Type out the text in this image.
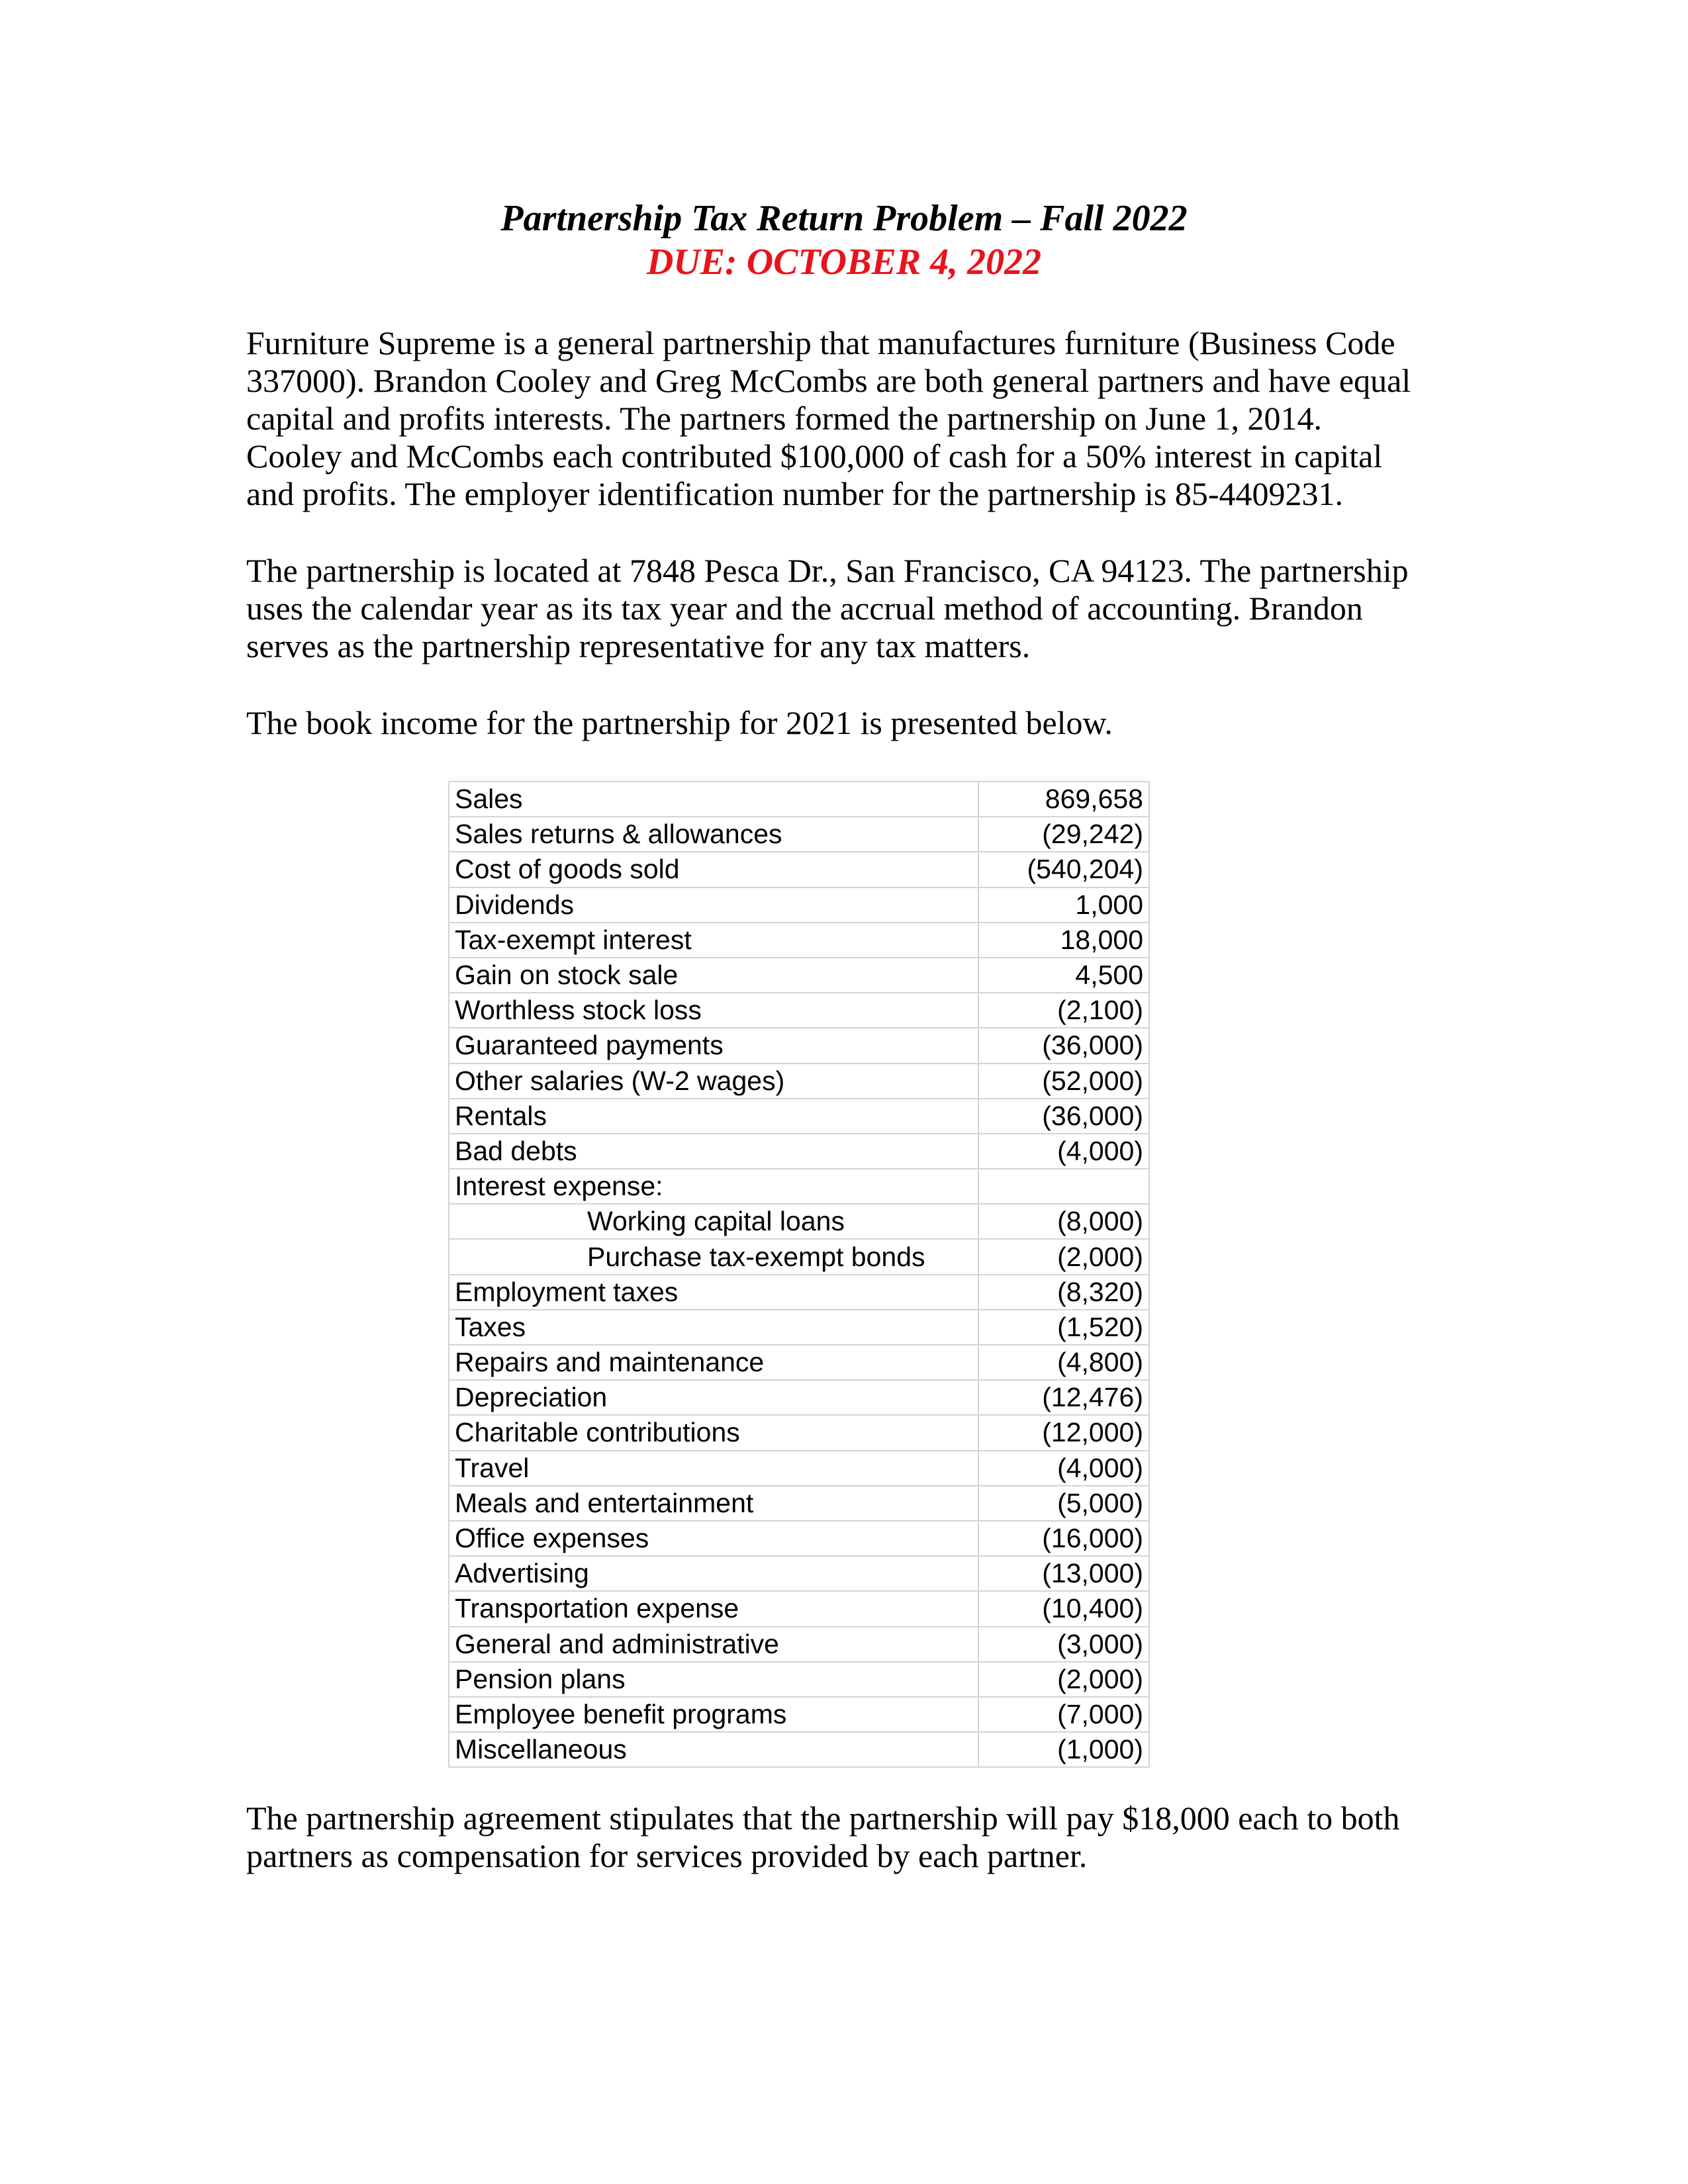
Partnership Tax Return Problem – Fall 2022
DUE: OCTOBER 4, 2022

Furniture Supreme is a general partnership that manufactures furniture (Business Code
337000). Brandon Cooley and Greg McCombs are both general partners and have equal
capital and profits interests. The partners formed the partnership on June 1, 2014.
Cooley and McCombs each contributed $100,000 of cash for a 50% interest in capital
and profits. The employer identification number for the partnership is 85-4409231.

The partnership is located at 7848 Pesca Dr., San Francisco, CA 94123. The partnership
uses the calendar year as its tax year and the accrual method of accounting. Brandon
serves as the partnership representative for any tax matters.

The book income for the partnership for 2021 is presented below.

Sales	869,658
Sales returns & allowances	(29,242)
Cost of goods sold	(540,204)
Dividends	1,000
Tax-exempt interest	18,000
Gain on stock sale	4,500
Worthless stock loss	(2,100)
Guaranteed payments	(36,000)
Other salaries (W-2 wages)	(52,000)
Rentals	(36,000)
Bad debts	(4,000)
Interest expense:	
Working capital loans	(8,000)
Purchase tax-exempt bonds	(2,000)
Employment taxes	(8,320)
Taxes	(1,520)
Repairs and maintenance	(4,800)
Depreciation	(12,476)
Charitable contributions	(12,000)
Travel	(4,000)
Meals and entertainment	(5,000)
Office expenses	(16,000)
Advertising	(13,000)
Transportation expense	(10,400)
General and administrative	(3,000)
Pension plans	(2,000)
Employee benefit programs	(7,000)
Miscellaneous	(1,000)

The partnership agreement stipulates that the partnership will pay $18,000 each to both
partners as compensation for services provided by each partner.
